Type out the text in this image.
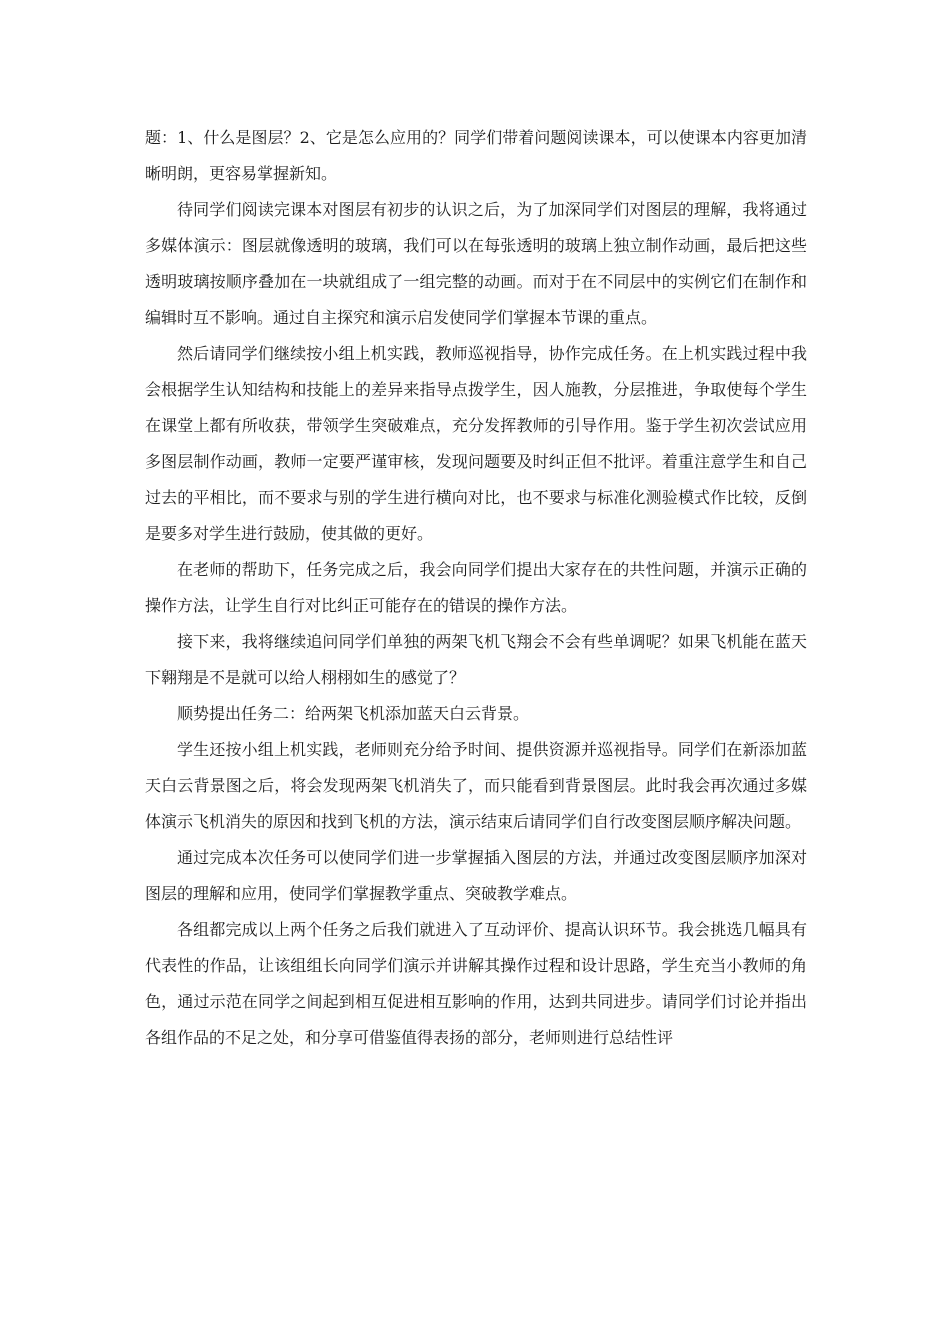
题：1、什么是图层？2、它是怎么应用的？同学们带着问题阅读课本，可以使课本内容更加清晰明朗，更容易掌握新知。

待同学们阅读完课本对图层有初步的认识之后，为了加深同学们对图层的理解，我将通过多媒体演示：图层就像透明的玻璃，我们可以在每张透明的玻璃上独立制作动画，最后把这些透明玻璃按顺序叠加在一块就组成了一组完整的动画。而对于在不同层中的实例它们在制作和编辑时互不影响。通过自主探究和演示启发使同学们掌握本节课的重点。

然后请同学们继续按小组上机实践，教师巡视指导，协作完成任务。在上机实践过程中我会根据学生认知结构和技能上的差异来指导点拨学生，因人施教，分层推进，争取使每个学生在课堂上都有所收获，带领学生突破难点，充分发挥教师的引导作用。鉴于学生初次尝试应用多图层制作动画，教师一定要严谨审核，发现问题要及时纠正但不批评。着重注意学生和自己过去的平相比，而不要求与别的学生进行横向对比，也不要求与标准化测验模式作比较，反倒是要多对学生进行鼓励，使其做的更好。

在老师的帮助下，任务完成之后，我会向同学们提出大家存在的共性问题，并演示正确的操作方法，让学生自行对比纠正可能存在的错误的操作方法。

接下来，我将继续追问同学们单独的两架飞机飞翔会不会有些单调呢？如果飞机能在蓝天下翱翔是不是就可以给人栩栩如生的感觉了？

顺势提出任务二：给两架飞机添加蓝天白云背景。

学生还按小组上机实践，老师则充分给予时间、提供资源并巡视指导。同学们在新添加蓝天白云背景图之后，将会发现两架飞机消失了，而只能看到背景图层。此时我会再次通过多媒体演示飞机消失的原因和找到飞机的方法，演示结束后请同学们自行改变图层顺序解决问题。

通过完成本次任务可以使同学们进一步掌握插入图层的方法，并通过改变图层顺序加深对图层的理解和应用，使同学们掌握教学重点、突破教学难点。

各组都完成以上两个任务之后我们就进入了互动评价、提高认识环节。我会挑选几幅具有代表性的作品，让该组组长向同学们演示并讲解其操作过程和设计思路，学生充当小教师的角色，通过示范在同学之间起到相互促进相互影响的作用，达到共同进步。请同学们讨论并指出各组作品的不足之处，和分享可借鉴值得表扬的部分，老师则进行总结性评
